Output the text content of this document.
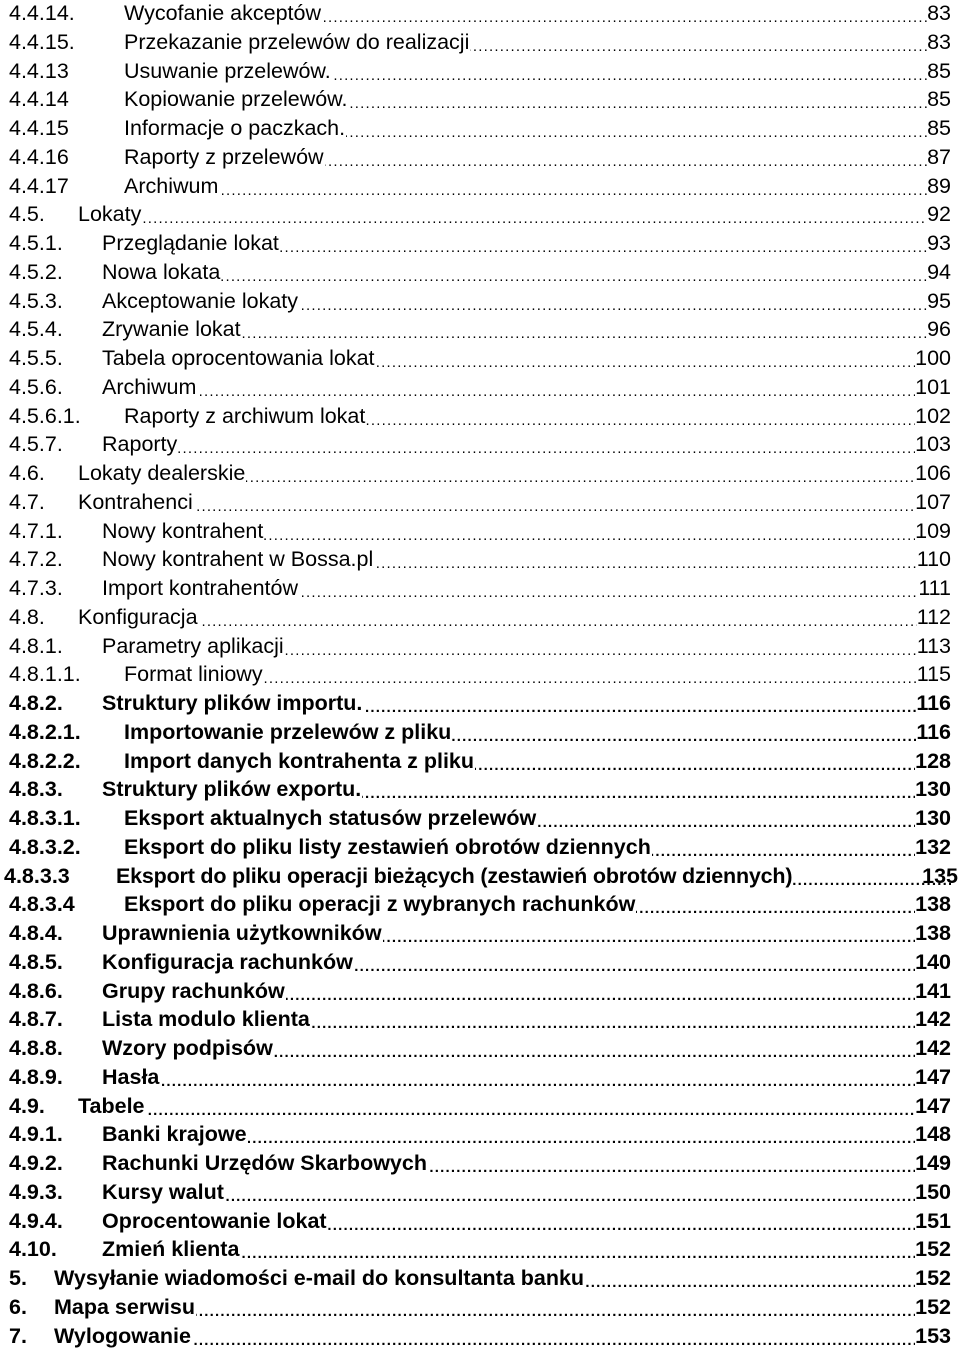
.....
4.4.14. Wycofanie akceptów	83
.....
4.4.15. Przekazanie przelewów do realizacji	83
.....
4.4.13	Usuwanie przelewów.	85
.....
4.4.14	Kopiowanie przelewów.	85
.....
4.4.15	Informacje o paczkach.	85
.....
4.4.16	Raporty z przelewów	87
.....
4.4.17	Archiwum	89
.....
4.5. Lokaty	92
.....
4.5.1. Przeglądanie lokat	93
.....
4.5.2. Nowa lokata	94
.....
4.5.3. Akceptowanie lokaty	95
.....
4.5.4. Zrywanie lokat	96
.....
4.5.5. Tabela oprocentowania lokat	100
.....
4.5.6. Archiwum	101
.....
4.5.6.1. Raporty z archiwum lokat	102
.....
4.5.7. Raporty	103
.....
4.6. Lokaty dealerskie	106
.....
4.7. Kontrahenci	107
.....
4.7.1. Nowy kontrahent	109
.....
4.7.2. Nowy kontrahent w Bossa.pl	110
.....
4.7.3. Import kontrahentów	111
.....
4.8. Konfiguracja	112
.....
4.8.1. Parametry aplikacji	113
.....
4.8.1.1. Format liniowy	115
.....
4.8.2. Struktury plików importu.	116
.....
4.8.2.1. Importowanie przelewów z pliku	116
.....
4.8.2.2. Import danych kontrahenta z pliku	128
.....
4.8.3. Struktury plików exportu.	130
.....
4.8.3.1. Eksport aktualnych statusów przelewów	130
.....
4.8.3.2. Eksport do pliku listy zestawień obrotów dziennych	132
.....
4.8.3.3 Eksport do pliku operacji bieżących (zestawień obrotów dziennych)	135
.....
4.8.3.4 Eksport do pliku operacji z wybranych rachunków	138
.....
4.8.4. Uprawnienia użytkowników	138
.....
4.8.5. Konfiguracja rachunków	140
.....
4.8.6. Grupy rachunków	141
.....
4.8.7. Lista modulo klienta	142
.....
4.8.8. Wzory podpisów	142
.....
4.8.9. Hasła	147
.....
4.9. Tabele	147
.....
4.9.1. Banki krajowe	148
.....
4.9.2. Rachunki Urzędów Skarbowych	149
.....
4.9.3. Kursy walut	150
.....
4.9.4. Oprocentowanie lokat	151
.....
4.10. Zmień klienta	152
.....
5. Wysyłanie wiadomości e-mail do konsultanta banku	152
.....
6. Mapa serwisu	152
.....
7. Wylogowanie	153
